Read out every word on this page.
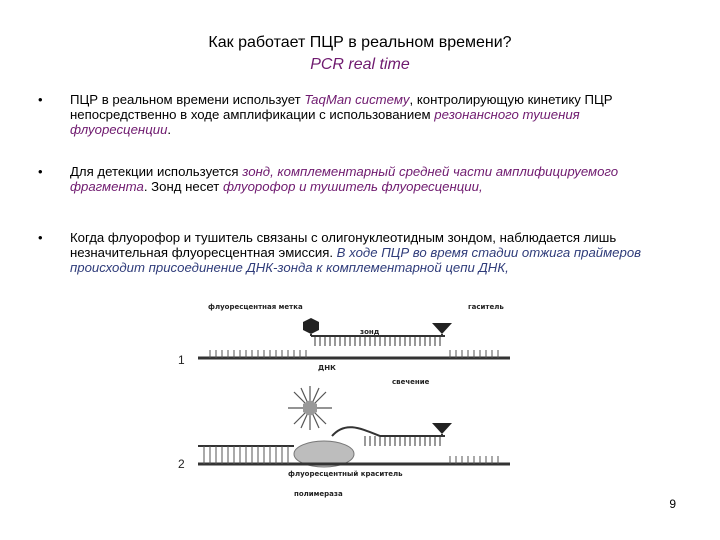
Как работает ПЦР в реальном времени?
PCR real time
• ПЦР в реальном времени использует TaqMan системy, контролирующую кинетику ПЦР непосредственно в ходе амплификации с использованием резонансного тушения флуоресценции.
• Для детекции используется зонд, комплементарный средней части амплифицируемого фрагмента. Зонд несет флуорофор и тушитель флуоресценции,
• Когда флуорофор и тушитель связаны с олигонуклеотидным зондом, наблюдается лишь незначительная флуоресцентная эмиссия. В ходе ПЦР во время стадии отжига праймеров происходит присоединение ДНК-зонда к комплементарной цепи ДНК,
флуоресцентная метка	гаситель
1
зонд
ДНК
свечение
2
флуоресцентный краситель
полимераза
9
